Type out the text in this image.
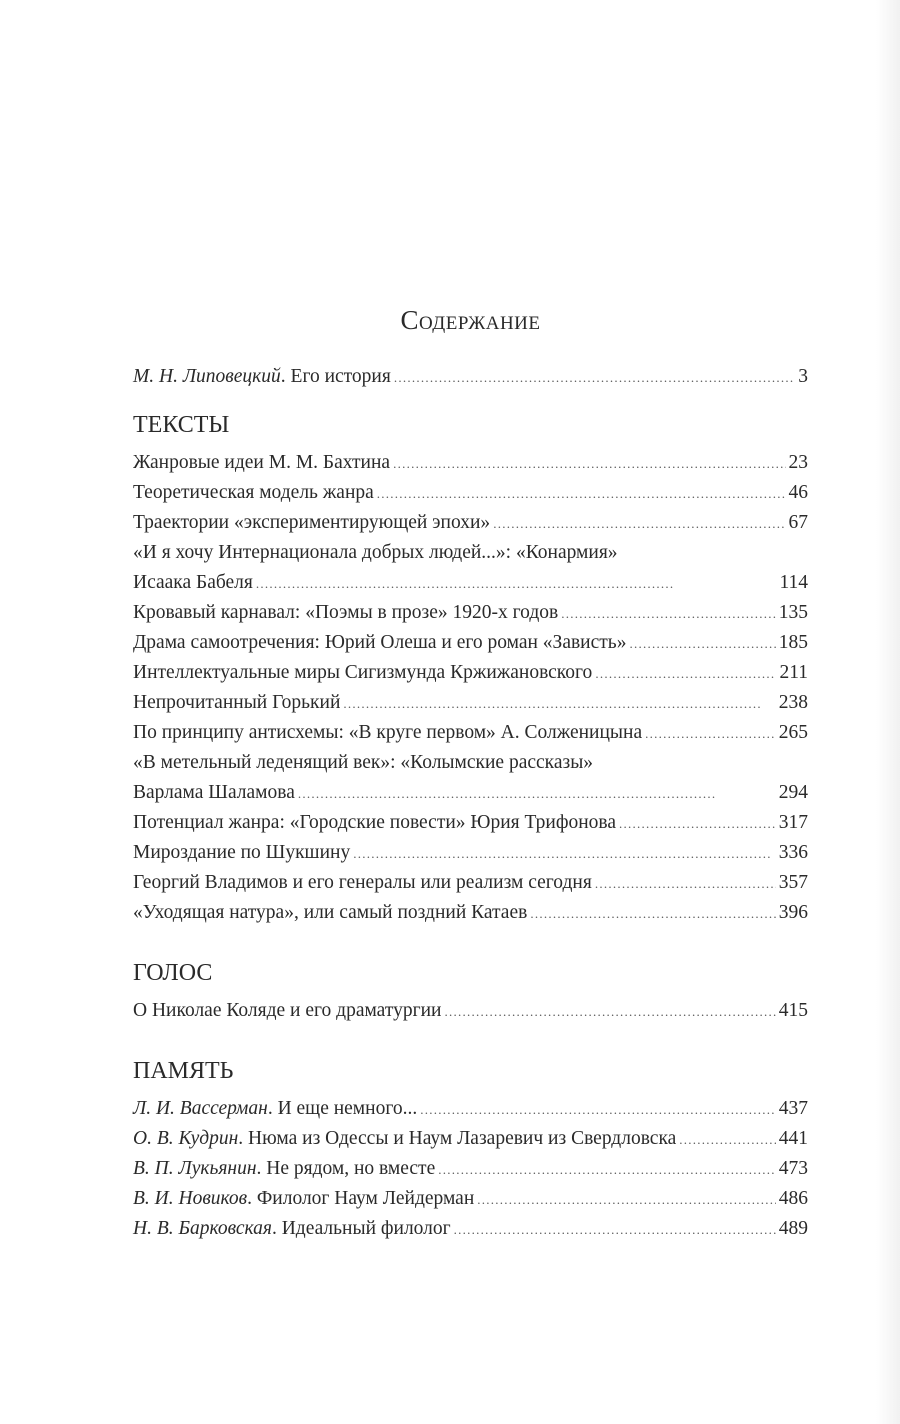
Содержание
М. Н. Липовецкий. Его история . . .	3
ТЕКСТЫ
Жанровые идеи М. М. Бахтина . . .	23
Теоретическая модель жанра . . .	46
Траектории «экспериментирующей эпохи» . . .	67
«И я хочу Интернационала добрых людей...»: «Конармия»
Исаака Бабеля . . .	114
Кровавый карнавал: «Поэмы в прозе» 1920-х годов . . .	135
Драма самоотречения: Юрий Олеша и его роман «Зависть» . . .	185
Интеллектуальные миры Сигизмунда Кржижановского . . .	211
Непрочитанный Горький . . .	238
По принципу антисхемы: «В круге первом» А. Солженицына . . .	265
«В метельный леденящий век»: «Колымские рассказы»
Варлама Шаламова . . .	294
Потенциал жанра: «Городские повести» Юрия Трифонова . . .	317
Мироздание по Шукшину . . .	336
Георгий Владимов и его генералы или реализм сегодня . . .	357
«Уходящая натура», или самый поздний Катаев . . .	396
ГОЛОС
О Николае Коляде и его драматургии . . .	415
ПАМЯТЬ
Л. И. Вассерман. И еще немного... . . .	437
О. В. Кудрин. Нюма из Одессы и Наум Лазаревич из Свердловска . . .	441
В. П. Лукьянин. Не рядом, но вместе . . .	473
В. И. Новиков. Филолог Наум Лейдерман . . .	486
Н. В. Барковская. Идеальный филолог . . .	489
